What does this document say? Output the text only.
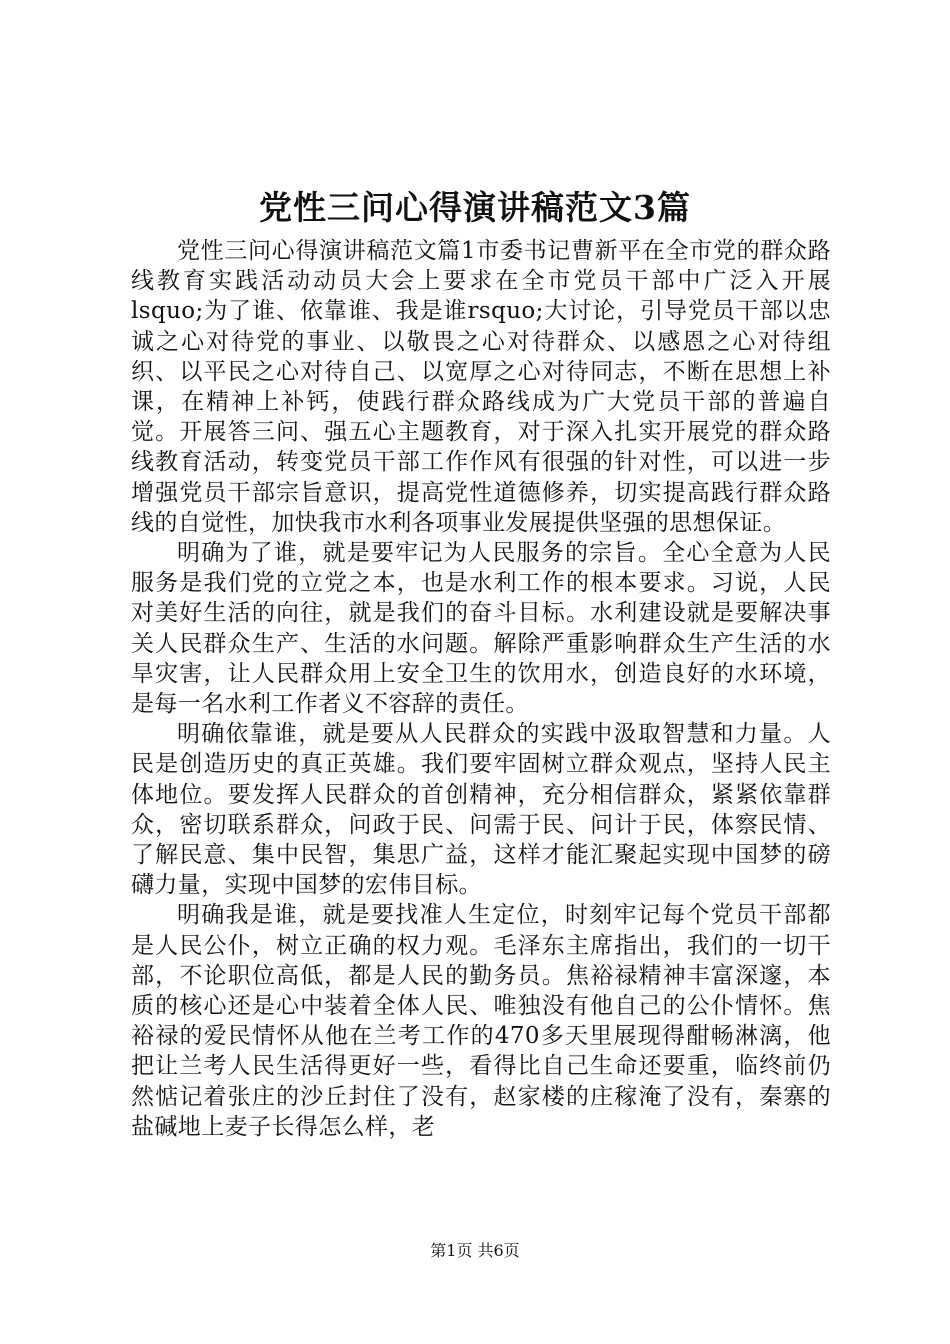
党性三问心得演讲稿范文3篇

党性三问心得演讲稿范文篇1市委书记曹新平在全市党的群众路线教育实践活动动员大会上要求在全市党员干部中广泛入开展lsquo;为了谁、依靠谁、我是谁rsquo;大讨论，引导党员干部以忠诚之心对待党的事业、以敬畏之心对待群众、以感恩之心对待组织、以平民之心对待自己、以宽厚之心对待同志，不断在思想上补课，在精神上补钙，使践行群众路线成为广大党员干部的普遍自觉。开展答三问、强五心主题教育，对于深入扎实开展党的群众路线教育活动，转变党员干部工作作风有很强的针对性，可以进一步增强党员干部宗旨意识，提高党性道德修养，切实提高践行群众路线的自觉性，加快我市水利各项事业发展提供坚强的思想保证。

明确为了谁，就是要牢记为人民服务的宗旨。全心全意为人民服务是我们党的立党之本，也是水利工作的根本要求。习说，人民对美好生活的向往，就是我们的奋斗目标。水利建设就是要解决事关人民群众生产、生活的水问题。解除严重影响群众生产生活的水旱灾害，让人民群众用上安全卫生的饮用水，创造良好的水环境，是每一名水利工作者义不容辞的责任。

明确依靠谁，就是要从人民群众的实践中汲取智慧和力量。人民是创造历史的真正英雄。我们要牢固树立群众观点，坚持人民主体地位。要发挥人民群众的首创精神，充分相信群众，紧紧依靠群众，密切联系群众，问政于民、问需于民、问计于民，体察民情、了解民意、集中民智，集思广益，这样才能汇聚起实现中国梦的磅礴力量，实现中国梦的宏伟目标。

明确我是谁，就是要找准人生定位，时刻牢记每个党员干部都是人民公仆，树立正确的权力观。毛泽东主席指出，我们的一切干部，不论职位高低，都是人民的勤务员。焦裕禄精神丰富深邃，本质的核心还是心中装着全体人民、唯独没有他自己的公仆情怀。焦裕禄的爱民情怀从他在兰考工作的470多天里展现得酣畅淋漓，他把让兰考人民生活得更好一些，看得比自己生命还要重，临终前仍然惦记着张庄的沙丘封住了没有，赵家楼的庄稼淹了没有，秦寨的盐碱地上麦子长得怎么样，老

第1页 共6页
